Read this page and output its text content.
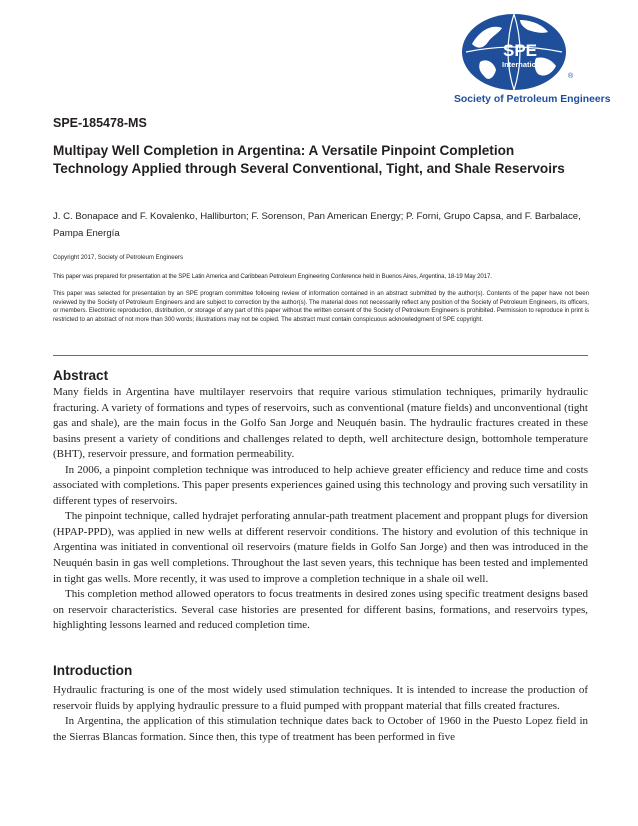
SPE
International
®
Society of Petroleum Engineers
SPE-185478-MS
Multipay Well Completion in Argentina: A Versatile Pinpoint Completion Technology Applied through Several Conventional, Tight, and Shale Reservoirs
J. C. Bonapace and F. Kovalenko, Halliburton; F. Sorenson, Pan American Energy; P. Forni, Grupo Capsa, and F. Barbalace, Pampa Energía
Copyright 2017, Society of Petroleum Engineers
This paper was prepared for presentation at the SPE Latin America and Caribbean Petroleum Engineering Conference held in Buenos Aires, Argentina, 18-19 May 2017.
This paper was selected for presentation by an SPE program committee following review of information contained in an abstract submitted by the author(s). Contents of the paper have not been reviewed by the Society of Petroleum Engineers and are subject to correction by the author(s). The material does not necessarily reflect any position of the Society of Petroleum Engineers, its officers, or members. Electronic reproduction, distribution, or storage of any part of this paper without the written consent of the Society of Petroleum Engineers is prohibited. Permission to reproduce in print is restricted to an abstract of not more than 300 words; illustrations may not be copied. The abstract must contain conspicuous acknowledgment of SPE copyright.
Abstract

Many fields in Argentina have multilayer reservoirs that require various stimulation techniques, primarily hydraulic fracturing. A variety of formations and types of reservoirs, such as conventional (mature fields) and unconventional (tight gas and shale), are the main focus in the Golfo San Jorge and Neuquén basin. The hydraulic fractures created in these basins present a variety of conditions and challenges related to depth, well architecture design, bottomhole temperature (BHT), reservoir pressure, and formation permeability.

In 2006, a pinpoint completion technique was introduced to help achieve greater efficiency and reduce time and costs associated with completions. This paper presents experiences gained using this technology and proving such versatility in different types of reservoirs.

The pinpoint technique, called hydrajet perforating annular-path treatment placement and proppant plugs for diversion (HPAP-PPD), was applied in new wells at different reservoir conditions. The history and evolution of this technique in Argentina was initiated in conventional oil reservoirs (mature fields in Golfo San Jorge) and then was introduced in the Neuquén basin in gas well completions. Throughout the last seven years, this technique has been tested and implemented in tight gas wells. More recently, it was used to improve a completion technique in a shale oil well.

This completion method allowed operators to focus treatments in desired zones using specific treatment designs based on reservoir characteristics. Several case histories are presented for different basins, formations, and reservoirs types, highlighting lessons learned and reduced completion time.

Introduction

Hydraulic fracturing is one of the most widely used stimulation techniques. It is intended to increase the production of reservoir fluids by applying hydraulic pressure to a fluid pumped with proppant material that fills created fractures.

In Argentina, the application of this stimulation technique dates back to October of 1960 in the Puesto Lopez field in the Sierras Blancas formation. Since then, this type of treatment has been performed in five
